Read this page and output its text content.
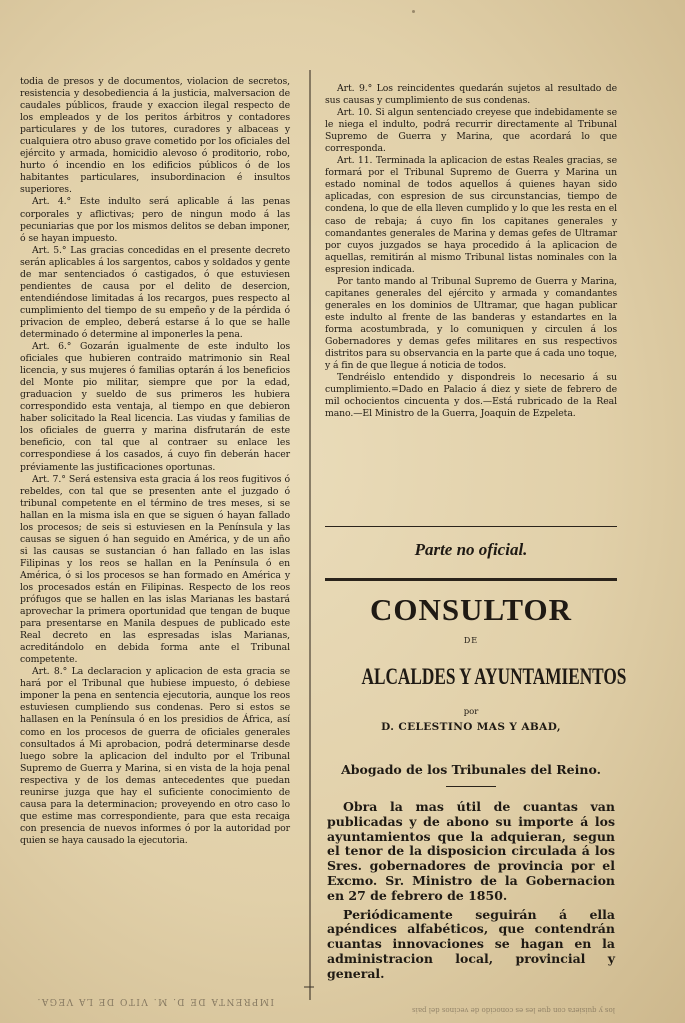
todia de presos y de documentos, violacion de secretos, resistencia y desobediencia á la justicia, malversacion de caudales públicos, fraude y exaccion ilegal respecto de los empleados y de los peritos árbitros y contadores particulares y de los tutores, curadores y albaceas y cualquiera otro abuso grave cometido por los oficiales del ejército y armada, homicidio alevoso ó proditorio, robo, hurto ó incendio en los edificios públicos ó de los habitantes particulares, insubordinacion é insultos superiores.

Art. 4.° Este indulto será aplicable á las penas corporales y aflictivas; pero de ningun modo á las pecuniarias que por los mismos delitos se deban imponer, ó se hayan impuesto.

Art. 5.° Las gracias concedidas en el presente decreto serán aplicables á los sargentos, cabos y soldados y gente de mar sentenciados ó castigados, ó que estuviesen pendientes de causa por el delito de desercion, entendiéndose limitadas á los recargos, pues respecto al cumplimiento del tiempo de su empeño y de la pérdida ó privacion de empleo, deberá estarse á lo que se halle determinado ó determine al imponerles la pena.

Art. 6.° Gozarán igualmente de este indulto los oficiales que hubieren contraido matrimonio sin Real licencia, y sus mujeres ó familias optarán á los beneficios del Monte pio militar, siempre que por la edad, graduacion y sueldo de sus primeros les hubiera correspondido esta ventaja, al tiempo en que debieron haber solicitado la Real licencia. Las viudas y familias de los oficiales de guerra y marina disfrutarán de este beneficio, con tal que al contraer su enlace les correspondiese á los casados, á cuyo fin deberán hacer préviamente las justificaciones oportunas.

Art. 7.° Será estensiva esta gracia á los reos fugitivos ó rebeldes, con tal que se presenten ante el juzgado ó tribunal competente en el término de tres meses, si se hallan en la misma isla en que se siguen ó hayan fallado los procesos; de seis si estuviesen en la Península y las causas se siguen ó han seguido en América, y de un año si las causas se sustancian ó han fallado en las islas Filipinas y los reos se hallan en la Península ó en América, ó si los procesos se han formado en América y los procesados están en Filipinas. Respecto de los reos prófugos que se hallen en las islas Marianas les bastará aprovechar la primera oportunidad que tengan de buque para presentarse en Manila despues de publicado este Real decreto en las espresadas islas Marianas, acreditándolo en debida forma ante el Tribunal competente.

Art. 8.° La declaracion y aplicacion de esta gracia se hará por el Tribunal que hubiese impuesto, ó debiese imponer la pena en sentencia ejecutoria, aunque los reos estuviesen cumpliendo sus condenas. Pero si estos se hallasen en la Península ó en los presidios de África, así como en los procesos de guerra de oficiales generales consultados á Mi aprobacion, podrá determinarse desde luego sobre la aplicacion del indulto por el Tribunal Supremo de Guerra y Marina, si en vista de la hoja penal respectiva y de los demas antecedentes que puedan reunirse juzga que hay el suficiente conocimiento de causa para la determinacion; proveyendo en otro caso lo que estime mas correspondiente, para que esta recaiga con presencia de nuevos informes ó por la autoridad por quien se haya causado la ejecutoria.

IMPRENTA DE D. M. VITO DE LA VEGA.

Art. 9.° Los reincidentes quedarán sujetos al resultado de sus causas y cumplimiento de sus condenas.

Art. 10. Si algun sentenciado creyese que indebidamente se le niega el indulto, podrá recurrir directamente al Tribunal Supremo de Guerra y Marina, que acordará lo que corresponda.

Art. 11. Terminada la aplicacion de estas Reales gracias, se formará por el Tribunal Supremo de Guerra y Marina un estado nominal de todos aquellos á quienes hayan sido aplicadas, con espresion de sus circunstancias, tiempo de condena, lo que de ella lleven cumplido y lo que les resta en el caso de rebaja; á cuyo fin los capitanes generales y comandantes generales de Marina y demas gefes de Ultramar por cuyos juzgados se haya procedido á la aplicacion de aquellas, remitirán al mismo Tribunal listas nominales con la espresion indicada.

Por tanto mando al Tribunal Supremo de Guerra y Marina, capitanes generales del ejército y armada y comandantes generales en los dominios de Ultramar, que hagan publicar este indulto al frente de las banderas y estandartes en la forma acostumbrada, y lo comuniquen y circulen á los Gobernadores y demas gefes militares en sus respectivos distritos para su observancia en la parte que á cada uno toque, y á fin de que llegue á noticia de todos.

Tendréislo entendido y dispondreis lo necesario á su cumplimiento.=Dado en Palacio á diez y siete de febrero de mil ochocientos cincuenta y dos.—Está rubricado de la Real mano.—El Ministro de la Guerra, Joaquin de Ezpeleta.

Parte no oficial.
CONSULTOR
DE
ALCALDES Y AYUNTAMIENTOS
por
D. CELESTINO MAS Y ABAD,
Abogado de los Tribunales del Reino.

Obra la mas útil de cuantas van publicadas y de abono su importe á los ayuntamientos que la adquieran, segun el tenor de la disposicion circulada á los Sres. gobernadores de provincia por el Excmo. Sr. Ministro de la Gobernacion en 27 de febrero de 1850.

Periódicamente seguirán á ella apéndices alfabéticos, que contendrán cuantas innovaciones se hagan en la administracion local, provincial y general.

los y quisiera con que les es conocido de vecinos del pais
